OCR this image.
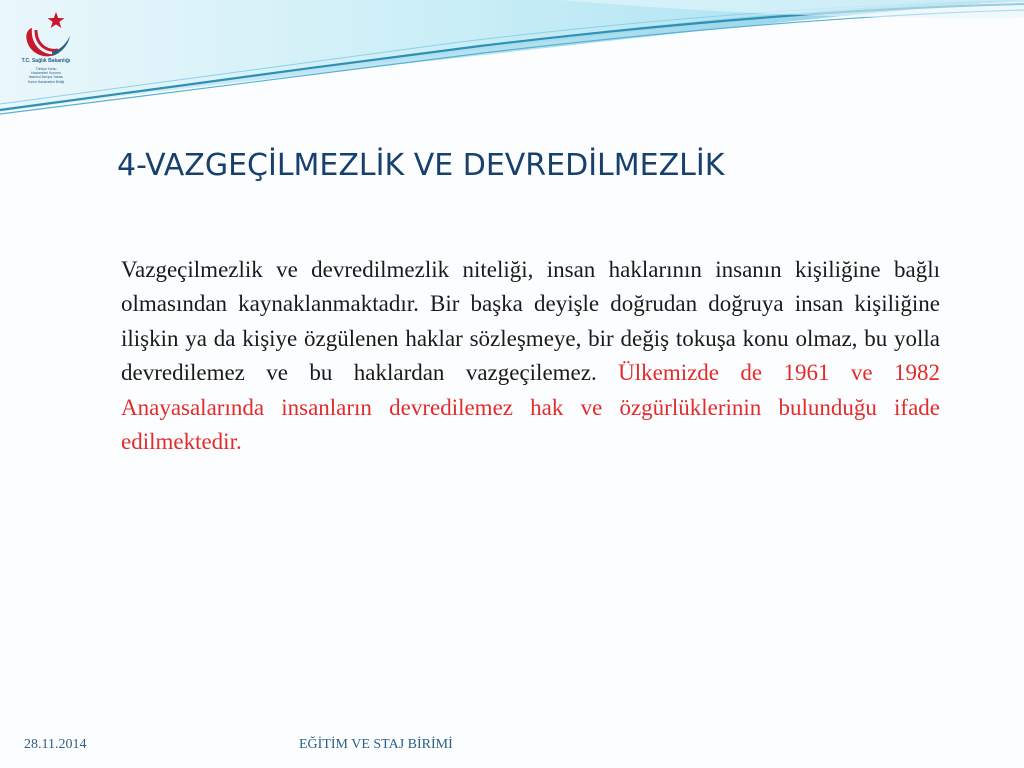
T.C. Sağlık Bakanlığı
Türkiye Kamu
Hastaneleri Kurumu
İstanbul Avrupa Yakası
Kamu Hastaneleri Birliği
4-VAZGEÇİLMEZLİK VE DEVREDİLMEZLİK

Vazgeçilmezlik ve devredilmezlik niteliği, insan haklarının insanın kişiliğine bağlı olmasından kaynaklanmaktadır. Bir başka deyişle doğrudan doğruya insan kişiliğine ilişkin ya da kişiye özgülenen haklar sözleşmeye, bir değiş tokuşa konu olmaz, bu yolla devredilemez ve bu haklardan vazgeçilemez. Ülkemizde de 1961 ve 1982 Anayasalarında insanların devredilemez hak ve özgürlüklerinin bulunduğu ifade edilmektedir.

28.11.2014	EĞİTİM VE STAJ BİRİMİ
